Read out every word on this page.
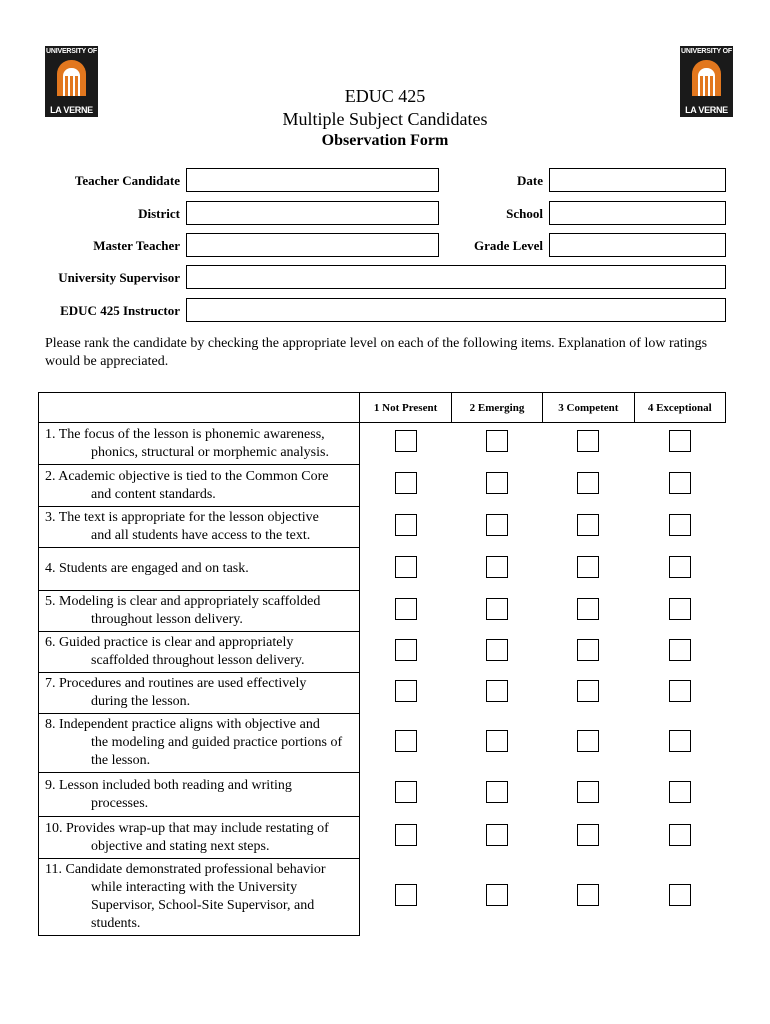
UNIVERSITY OF
LA VERNE
UNIVERSITY OF
LA VERNE
EDUC 425
Multiple Subject Candidates
Observation Form
Teacher Candidate	Date
District	School
Master Teacher	Grade Level
University Supervisor
EDUC 425 Instructor
Please rank the candidate by checking the appropriate level on each of the following items. Explanation of low ratings would be appreciated.
	1 Not Present	2 Emerging	3 Competent	4 Exceptional

1. The focus of the lesson is phonemic awareness,
phonics, structural or morphemic analysis.				

2. Academic objective is tied to the Common Core
and content standards.				

3. The text is appropriate for the lesson objective
and all students have access to the text.				

4. Students are engaged and on task.				

5. Modeling is clear and appropriately scaffolded
throughout lesson delivery.				

6. Guided practice is clear and appropriately
scaffolded throughout lesson delivery.				

7. Procedures and routines are used effectively
during the lesson.				

8. Independent practice aligns with objective and
the modeling and guided practice portions of the lesson.				

9. Lesson included both reading and writing
processes.				

10. Provides wrap-up that may include restating of
objective and stating next steps.				

11. Candidate demonstrated professional behavior
while interacting with the University Supervisor, School-Site Supervisor, and students.				
